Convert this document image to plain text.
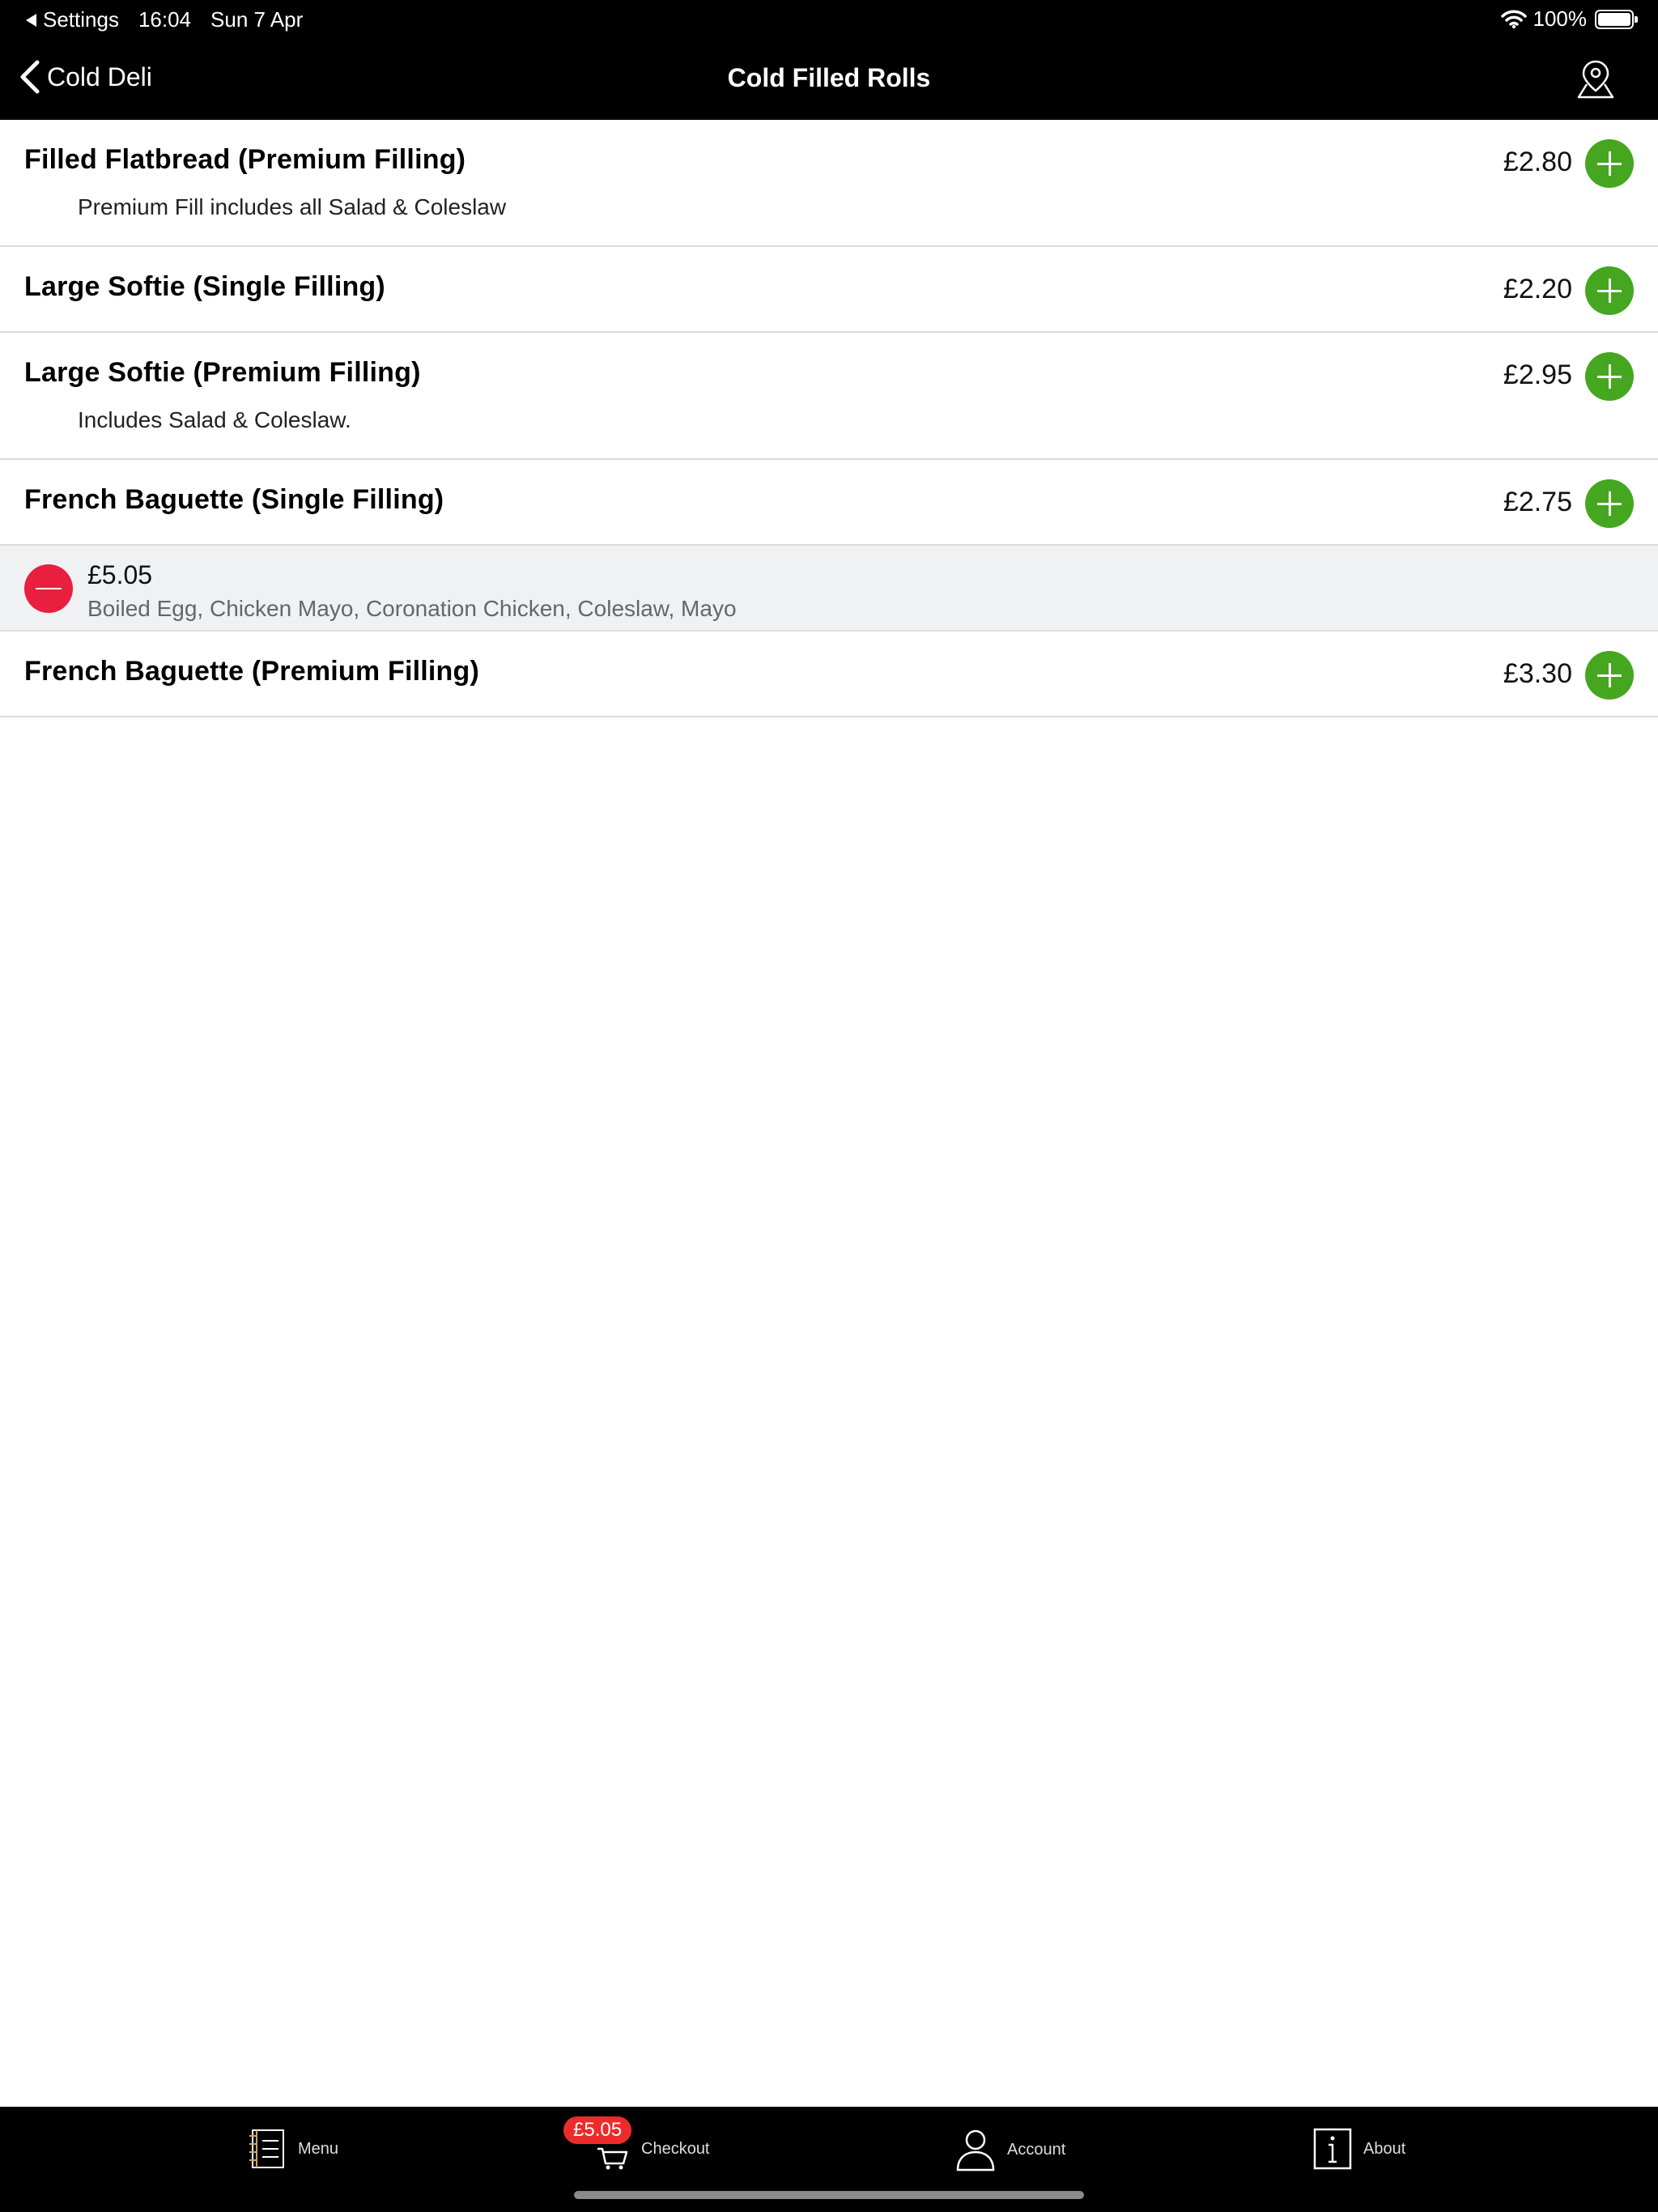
Settings 16:04 Sun 7 Apr	100%
Cold Deli	Cold Filled Rolls
Filled Flatbread (Premium Filling)
Premium Fill includes all Salad & Coleslaw
£2.80
Large Softie (Single Filling)	£2.20
Large Softie (Premium Filling)
Includes Salad & Coleslaw.
£2.95
French Baguette (Single Filling)	£2.75
£5.05
Boiled Egg, Chicken Mayo, Coronation Chicken, Coleslaw, Mayo
French Baguette (Premium Filling)	£3.30
Menu	Checkout
£5.05
Account	About
